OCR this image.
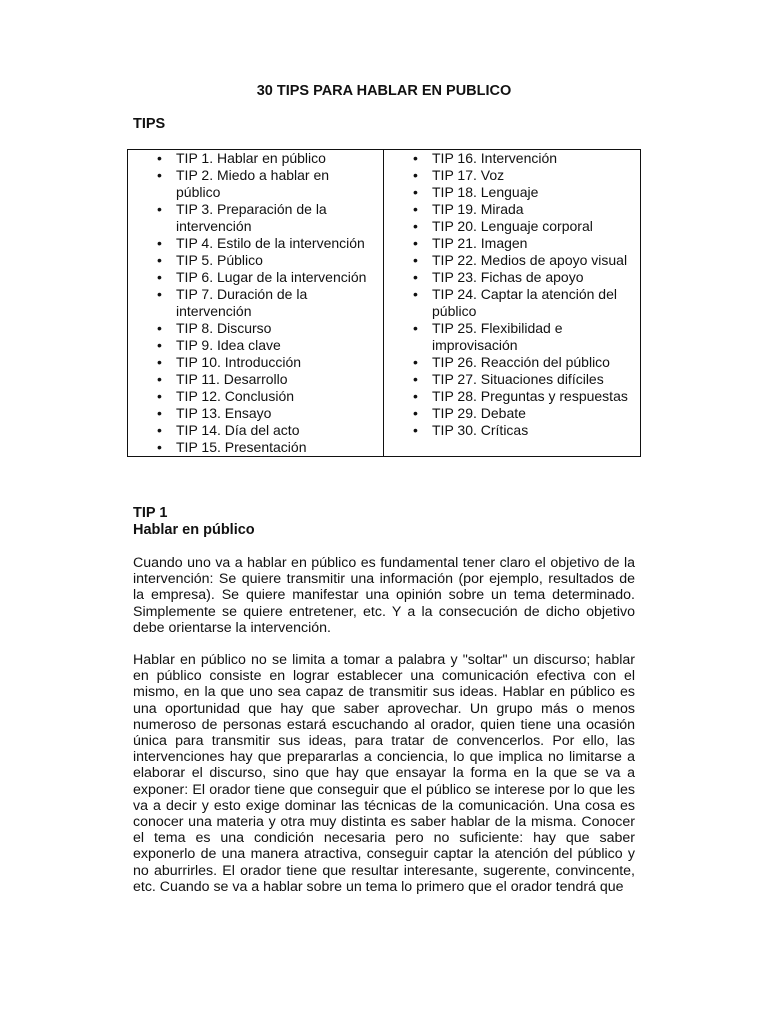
30 TIPS PARA HABLAR EN PUBLICO
TIPS
• TIP 1. Hablar en público
• TIP 2. Miedo a hablar en público
• TIP 3. Preparación de la intervención
• TIP 4. Estilo de la intervención
• TIP 5. Público
• TIP 6. Lugar de la intervención
• TIP 7. Duración de la intervención
• TIP 8. Discurso
• TIP 9. Idea clave
• TIP 10. Introducción
• TIP 11. Desarrollo
• TIP 12. Conclusión
• TIP 13. Ensayo
• TIP 14. Día del acto
• TIP 15. Presentación
• TIP 16. Intervención
• TIP 17. Voz
• TIP 18. Lenguaje
• TIP 19. Mirada
• TIP 20. Lenguaje corporal
• TIP 21. Imagen
• TIP 22. Medios de apoyo visual
• TIP 23. Fichas de apoyo
• TIP 24. Captar la atención del público
• TIP 25. Flexibilidad e improvisación
• TIP 26. Reacción del público
• TIP 27. Situaciones difíciles
• TIP 28. Preguntas y respuestas
• TIP 29. Debate
• TIP 30. Críticas
TIP 1
Hablar en público

Cuando uno va a hablar en público es fundamental tener claro el objetivo de la intervención: Se quiere transmitir una información (por ejemplo, resultados de la empresa). Se quiere manifestar una opinión sobre un tema determinado. Simplemente se quiere entretener, etc. Y a la consecución de dicho objetivo debe orientarse la intervención.

Hablar en público no se limita a tomar a palabra y "soltar" un discurso; hablar en público consiste en lograr establecer una comunicación efectiva con el mismo, en la que uno sea capaz de transmitir sus ideas. Hablar en público es una oportunidad que hay que saber aprovechar. Un grupo más o menos numeroso de personas estará escuchando al orador, quien tiene una ocasión única para transmitir sus ideas, para tratar de convencerlos. Por ello, las intervenciones hay que prepararlas a conciencia, lo que implica no limitarse a elaborar el discurso, sino que hay que ensayar la forma en la que se va a exponer: El orador tiene que conseguir que el público se interese por lo que les va a decir y esto exige dominar las técnicas de la comunicación. Una cosa es conocer una materia y otra muy distinta es saber hablar de la misma. Conocer el tema es una condición necesaria pero no suficiente: hay que saber exponerlo de una manera atractiva, conseguir captar la atención del público y no aburrirles. El orador tiene que resultar interesante, sugerente, convincente, etc. Cuando se va a hablar sobre un tema lo primero que el orador tendrá que
